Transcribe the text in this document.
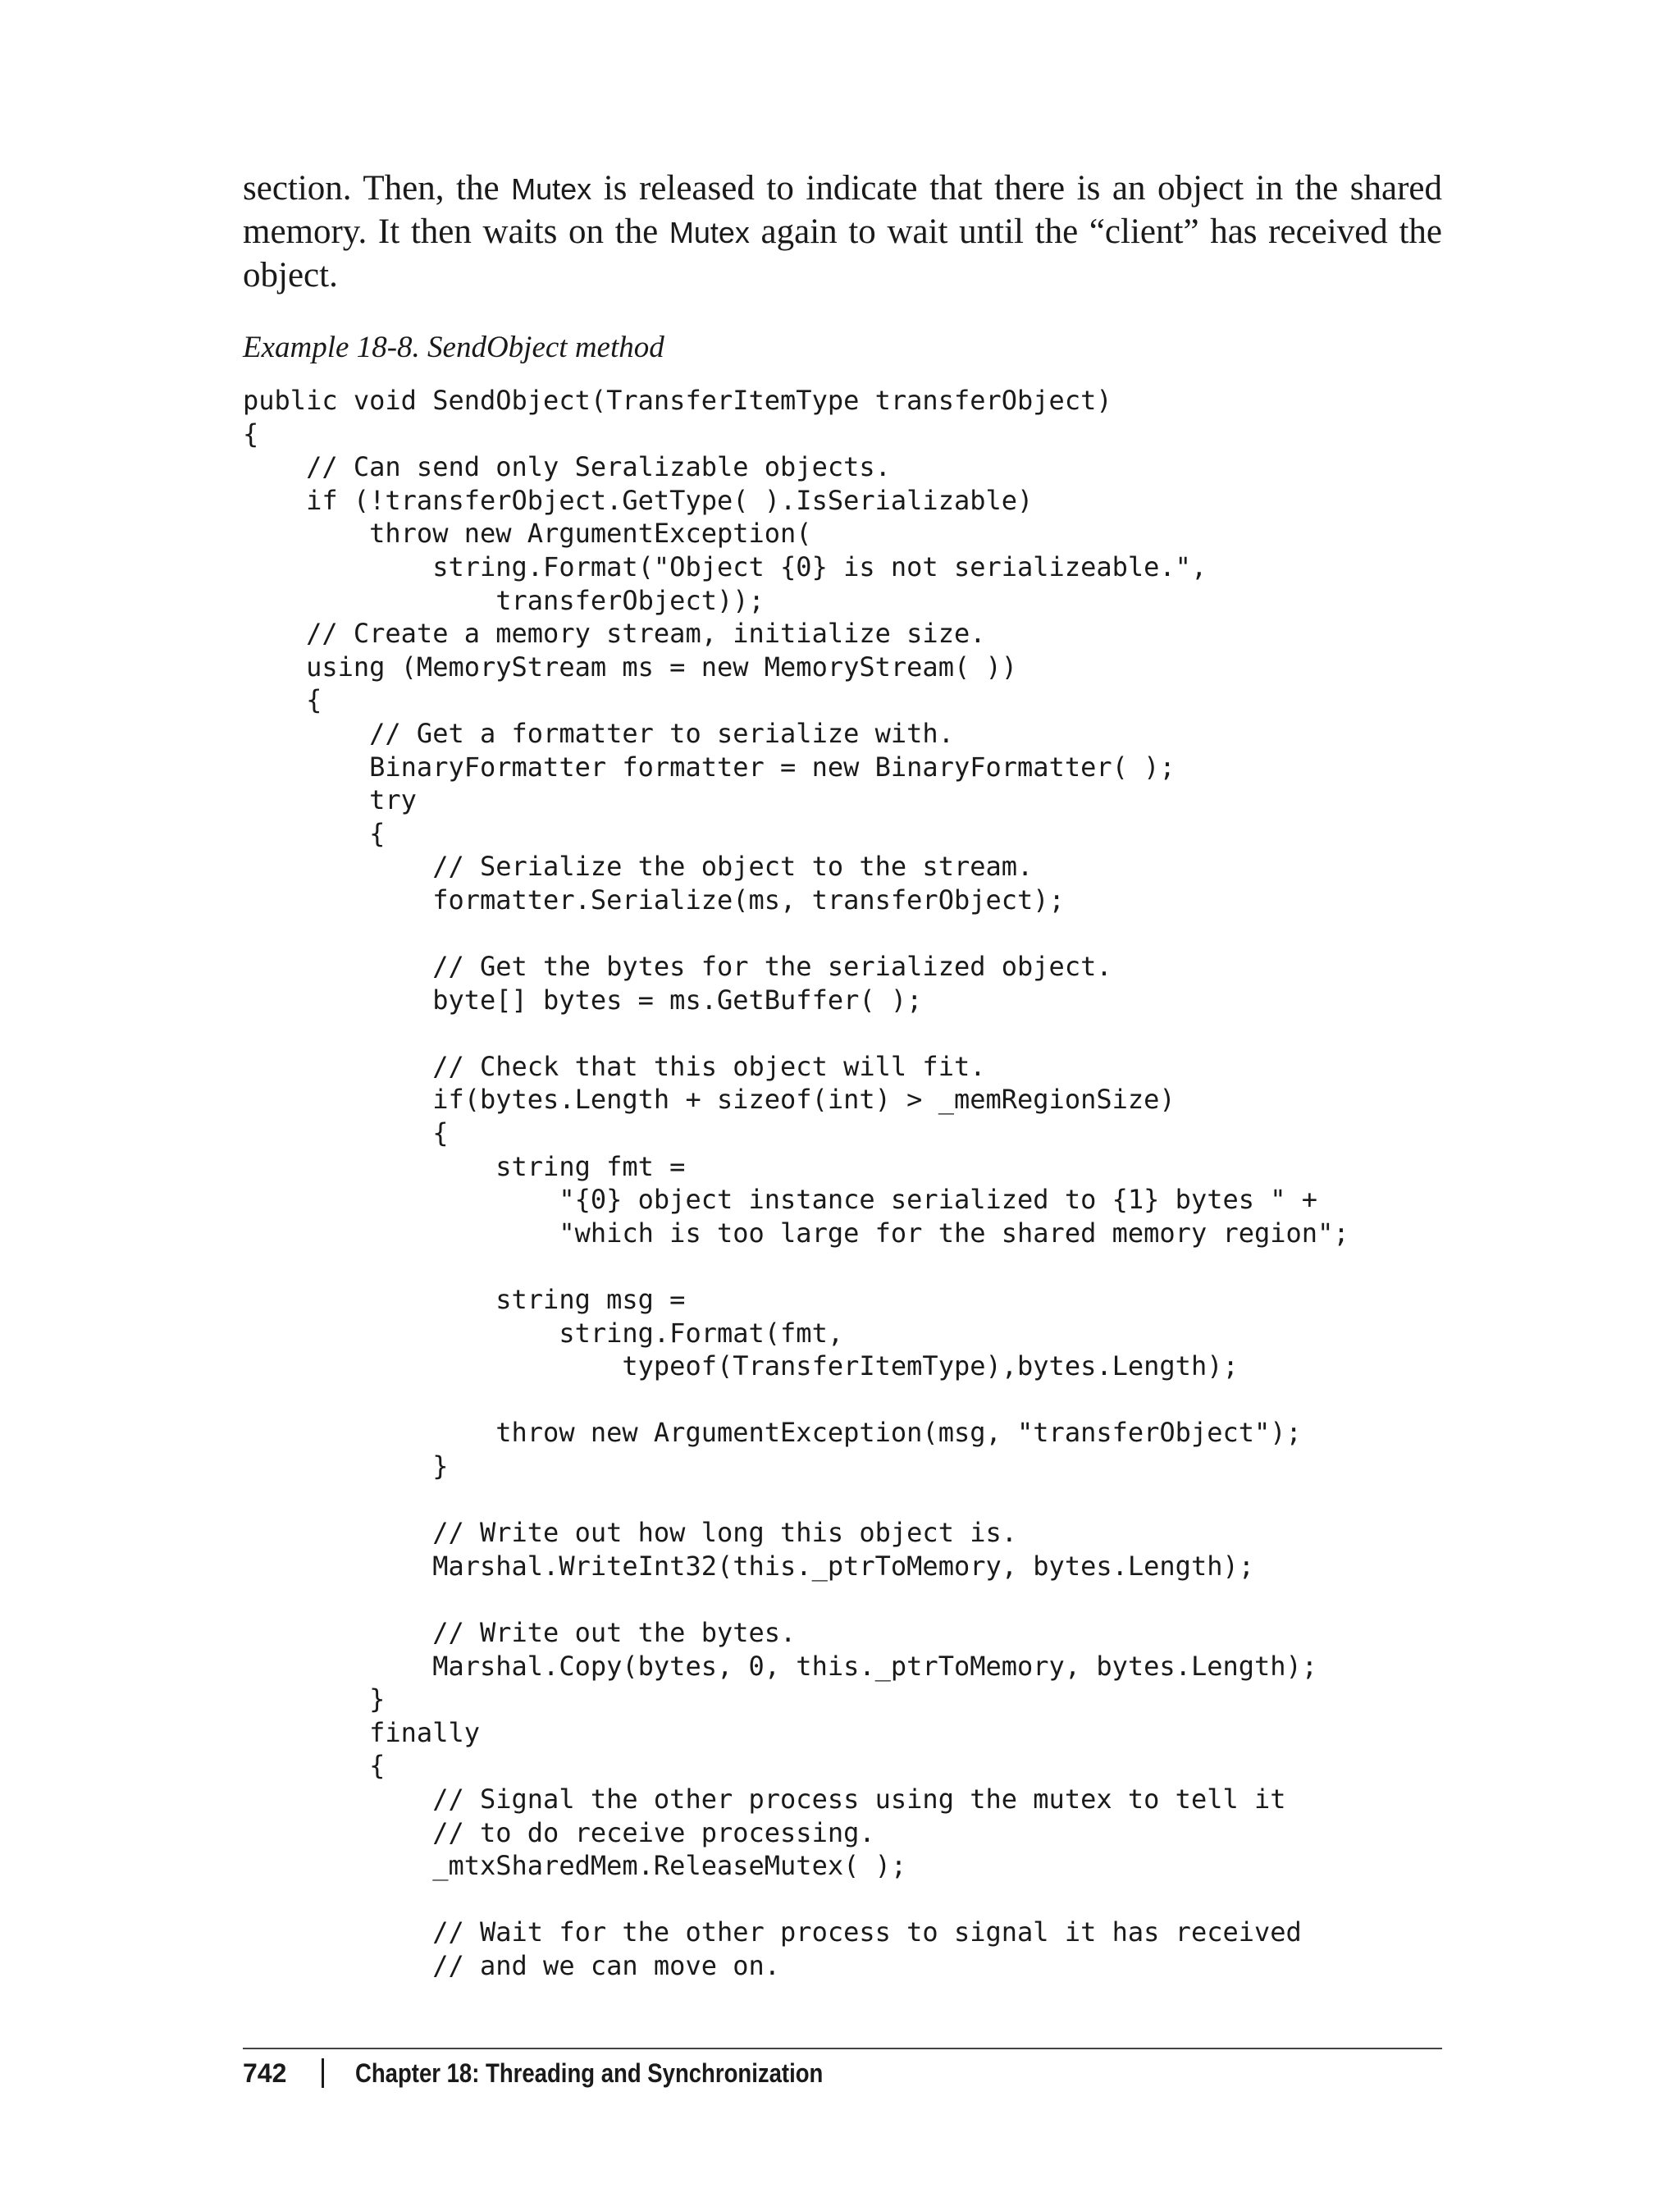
section. Then, the Mutex is released to indicate that there is an object in the shared memory. It then waits on the Mutex again to wait until the “client” has received the object.

Example 18-8. SendObject method

public void SendObject(TransferItemType transferObject)
{
// Can send only Seralizable objects.
if (!transferObject.GetType( ).IsSerializable)
throw new ArgumentException(
string.Format("Object {0} is not serializeable.",
transferObject));
// Create a memory stream, initialize size.
using (MemoryStream ms = new MemoryStream( ))
{
// Get a formatter to serialize with.
BinaryFormatter formatter = new BinaryFormatter( );
try
{
// Serialize the object to the stream.
formatter.Serialize(ms, transferObject);
// Get the bytes for the serialized object.
byte[] bytes = ms.GetBuffer( );
// Check that this object will fit.
if(bytes.Length + sizeof(int) > _memRegionSize)
{
string fmt =
"{0} object instance serialized to {1} bytes " +
"which is too large for the shared memory region";
string msg =
string.Format(fmt,
typeof(TransferItemType),bytes.Length);
throw new ArgumentException(msg, "transferObject");
}
// Write out how long this object is.
Marshal.WriteInt32(this._ptrToMemory, bytes.Length);
// Write out the bytes.
Marshal.Copy(bytes, 0, this._ptrToMemory, bytes.Length);
}
finally
{
// Signal the other process using the mutex to tell it
// to do receive processing.
_mtxSharedMem.ReleaseMutex( );
// Wait for the other process to signal it has received
// and we can move on.
742	Chapter 18: Threading and Synchronization
